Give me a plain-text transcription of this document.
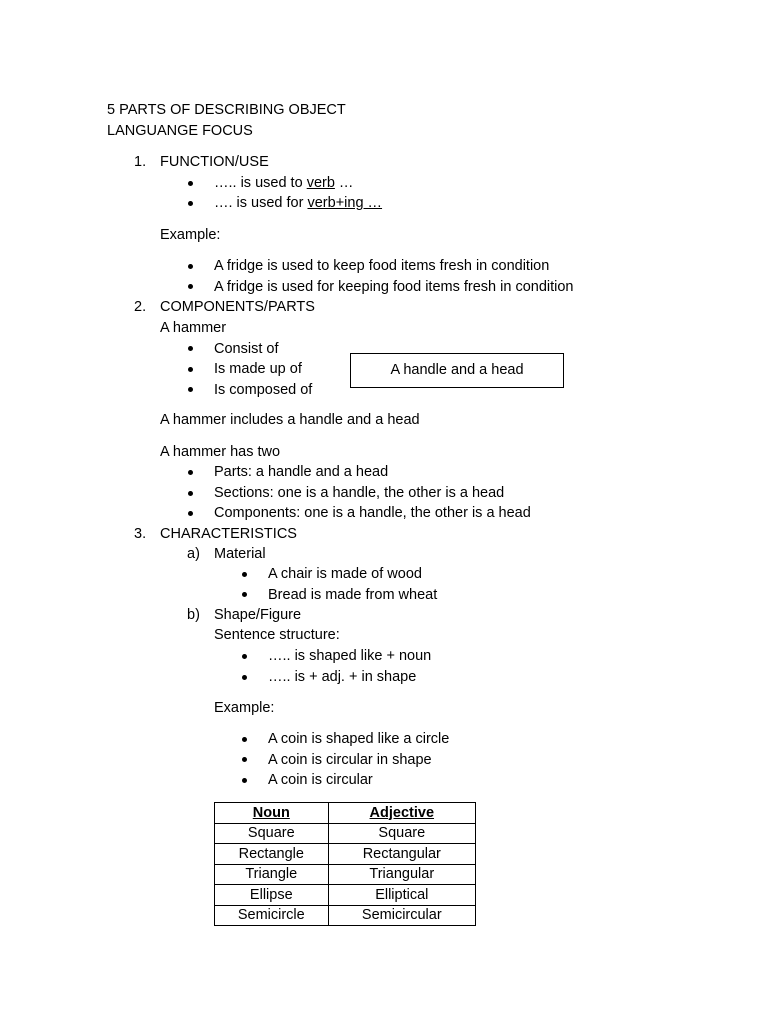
5 PARTS OF DESCRIBING OBJECT
LANGUANGE FOCUS
1. FUNCTION/USE
….. is used to verb …
…. is used for verb+ing …
Example:
A fridge is used to keep food items fresh in condition
A fridge is used for keeping food items fresh in condition
2. COMPONENTS/PARTS
A hammer
Consist of
Is made up of
Is composed of
A handle and a head
A hammer includes a handle and a head
A hammer has two
Parts: a handle and a head
Sections: one is a handle, the other is a head
Components: one is a handle, the other is a head
3. CHARACTERISTICS
a) Material
A chair is made of wood
Bread is made from wheat
b) Shape/Figure
Sentence structure:
….. is shaped like + noun
….. is + adj. + in shape
Example:
A coin is shaped like a circle
A coin is circular in shape
A coin is circular
Noun	Adjective
Square	Square
Rectangle	Rectangular
Triangle	Triangular
Ellipse	Elliptical
Semicircle	Semicircular
